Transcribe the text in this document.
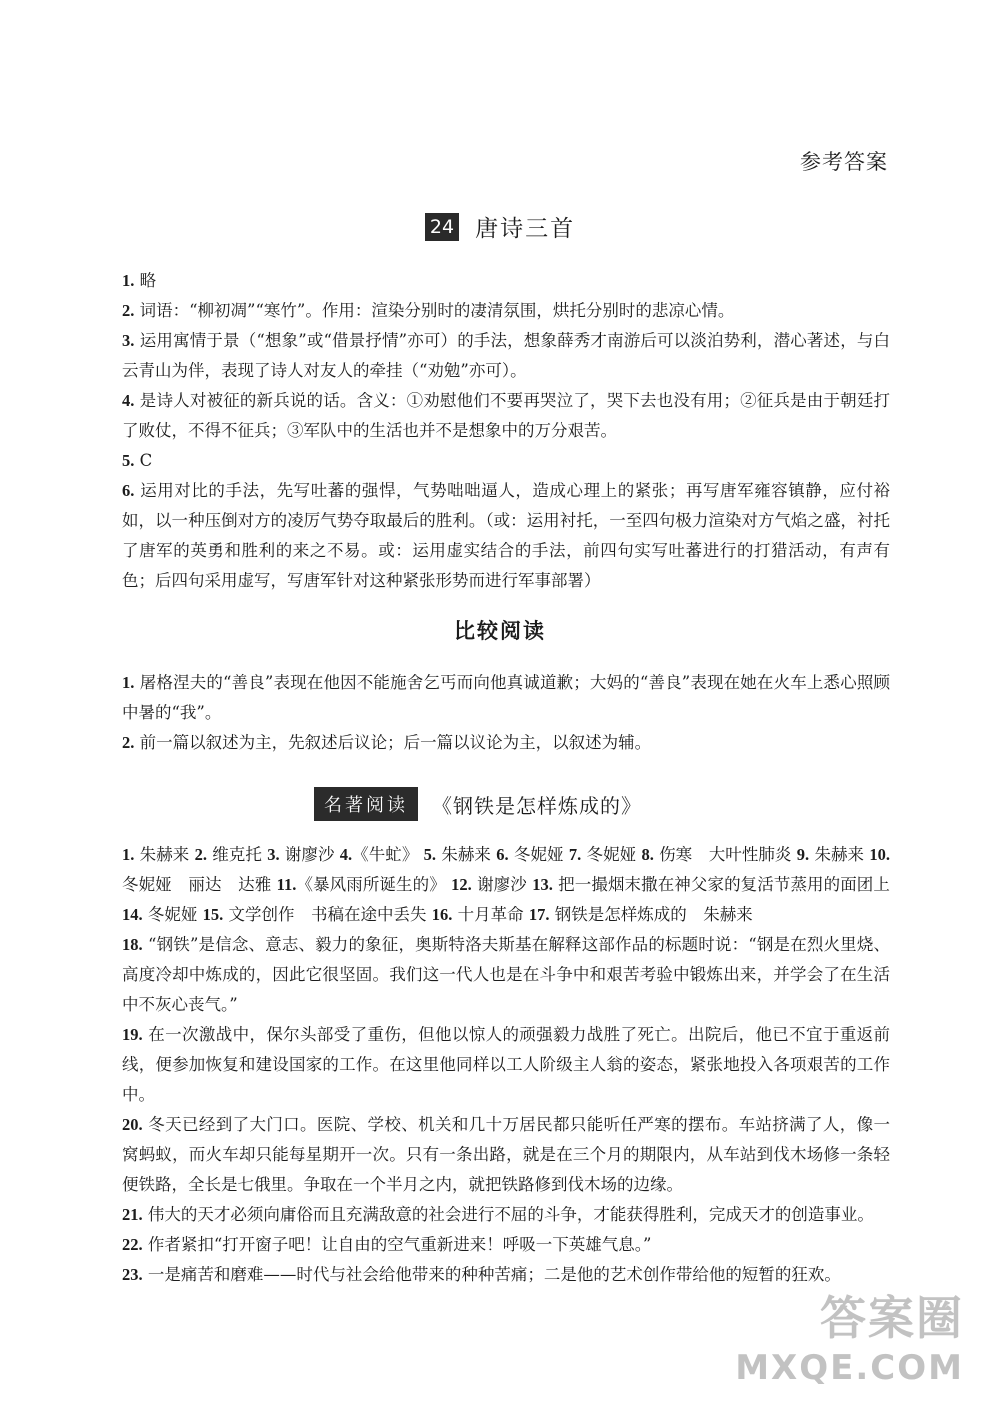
参考答案
24 唐诗三首

1. 略

2. 词语：“柳初凋”“寒竹”。作用：渲染分别时的凄清氛围，烘托分别时的悲凉心情。

3. 运用寓情于景（“想象”或“借景抒情”亦可）的手法，想象薛秀才南游后可以淡泊势利，潜心著述，与白云青山为伴，表现了诗人对友人的牵挂（“劝勉”亦可）。

4. 是诗人对被征的新兵说的话。含义：①劝慰他们不要再哭泣了，哭下去也没有用；②征兵是由于朝廷打了败仗，不得不征兵；③军队中的生活也并不是想象中的万分艰苦。

5. C

6. 运用对比的手法，先写吐蕃的强悍，气势咄咄逼人，造成心理上的紧张；再写唐军雍容镇静，应付裕如，以一种压倒对方的凌厉气势夺取最后的胜利。（或：运用衬托，一至四句极力渲染对方气焰之盛，衬托了唐军的英勇和胜利的来之不易。或：运用虚实结合的手法，前四句实写吐蕃进行的打猎活动，有声有色；后四句采用虚写，写唐军针对这种紧张形势而进行军事部署）

比较阅读

1. 屠格涅夫的“善良”表现在他因不能施舍乞丐而向他真诚道歉；大妈的“善良”表现在她在火车上悉心照顾中暑的“我”。

2. 前一篇以叙述为主，先叙述后议论；后一篇以议论为主，以叙述为辅。

名著阅读	《钢铁是怎样炼成的》

1. 朱赫来 2. 维克托 3. 谢廖沙 4.《牛虻》 5. 朱赫来 6. 冬妮娅 7. 冬妮娅 8. 伤寒　大叶性肺炎 9. 朱赫来 10. 冬妮娅　丽达　达雅 11.《暴风雨所诞生的》 12. 谢廖沙 13. 把一撮烟末撒在神父家的复活节蒸用的面团上 14. 冬妮娅 15. 文学创作　书稿在途中丢失 16. 十月革命 17. 钢铁是怎样炼成的　朱赫来

18. “钢铁”是信念、意志、毅力的象征，奥斯特洛夫斯基在解释这部作品的标题时说：“钢是在烈火里烧、高度冷却中炼成的，因此它很坚固。我们这一代人也是在斗争中和艰苦考验中锻炼出来，并学会了在生活中不灰心丧气。”

19. 在一次激战中，保尔头部受了重伤，但他以惊人的顽强毅力战胜了死亡。出院后，他已不宜于重返前线，便参加恢复和建设国家的工作。在这里他同样以工人阶级主人翁的姿态，紧张地投入各项艰苦的工作中。

20. 冬天已经到了大门口。医院、学校、机关和几十万居民都只能听任严寒的摆布。车站挤满了人，像一窝蚂蚁，而火车却只能每星期开一次。只有一条出路，就是在三个月的期限内，从车站到伐木场修一条轻便铁路，全长是七俄里。争取在一个半月之内，就把铁路修到伐木场的边缘。

21. 伟大的天才必须向庸俗而且充满敌意的社会进行不屈的斗争，才能获得胜利，完成天才的创造事业。

22. 作者紧扣“打开窗子吧！让自由的空气重新进来！呼吸一下英雄气息。”

23. 一是痛苦和磨难——时代与社会给他带来的种种苦痛；二是他的艺术创作带给他的短暂的狂欢。

答案圈
MXQE.COM
